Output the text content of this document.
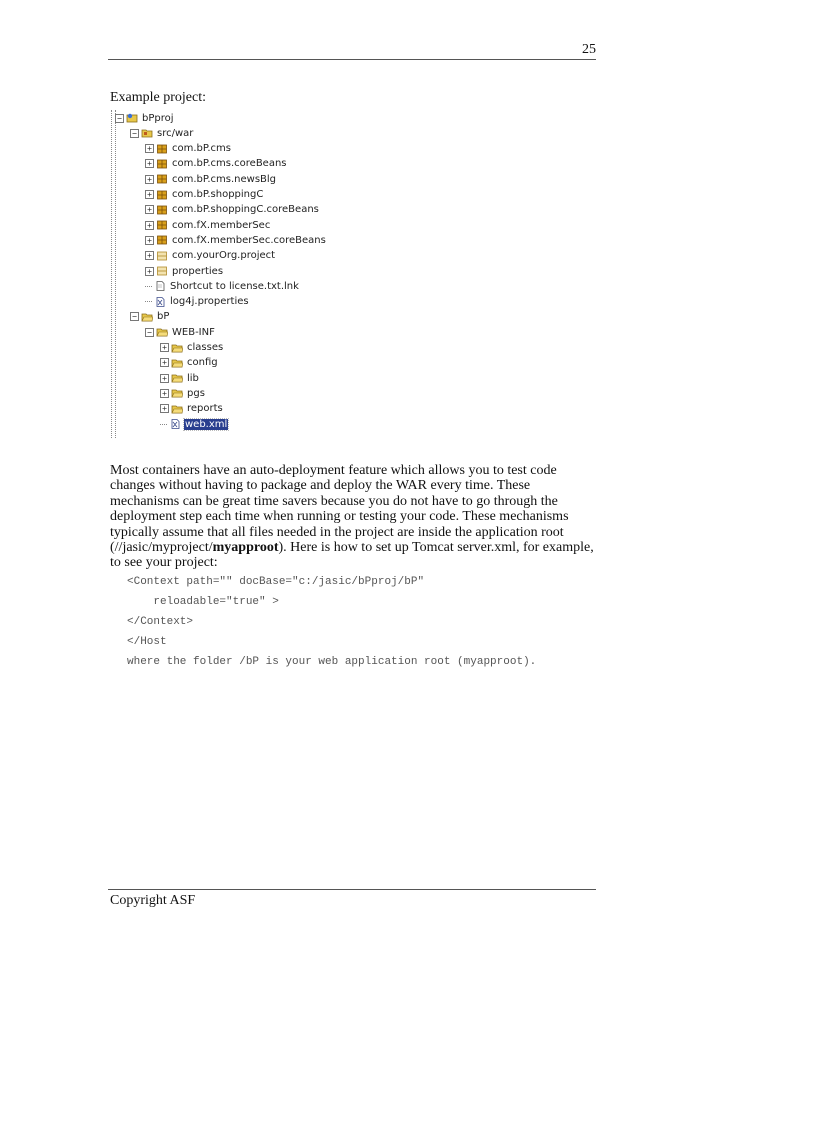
25
Example project:
− bPproj
− src/war
+ com.bP.cms
+ com.bP.cms.coreBeans
+ com.bP.cms.newsBlg
+ com.bP.shoppingC
+ com.bP.shoppingC.coreBeans
+ com.fX.memberSec
+ com.fX.memberSec.coreBeans
+ com.yourOrg.project
+ properties
Shortcut to license.txt.lnk
log4j.properties
− bP
− WEB-INF
+ classes
+ config
+ lib
+ pgs
+ reports
web.xml
Most containers have an auto-deployment feature which allows you to test code changes without having to package and deploy the WAR every time. These mechanisms can be great time savers because you do not have to go through the deployment step each time when running or testing your code. These mechanisms typically assume that all files needed in the project are inside the application root (//jasic/myproject/myapproot). Here is how to set up Tomcat server.xml, for example, to see your project:
<Context path="" docBase="c:/jasic/bPproj/bP"
reloadable="true" >
</Context>
</Host
where the folder /bP is your web application root (myapproot).
Copyright ASF
